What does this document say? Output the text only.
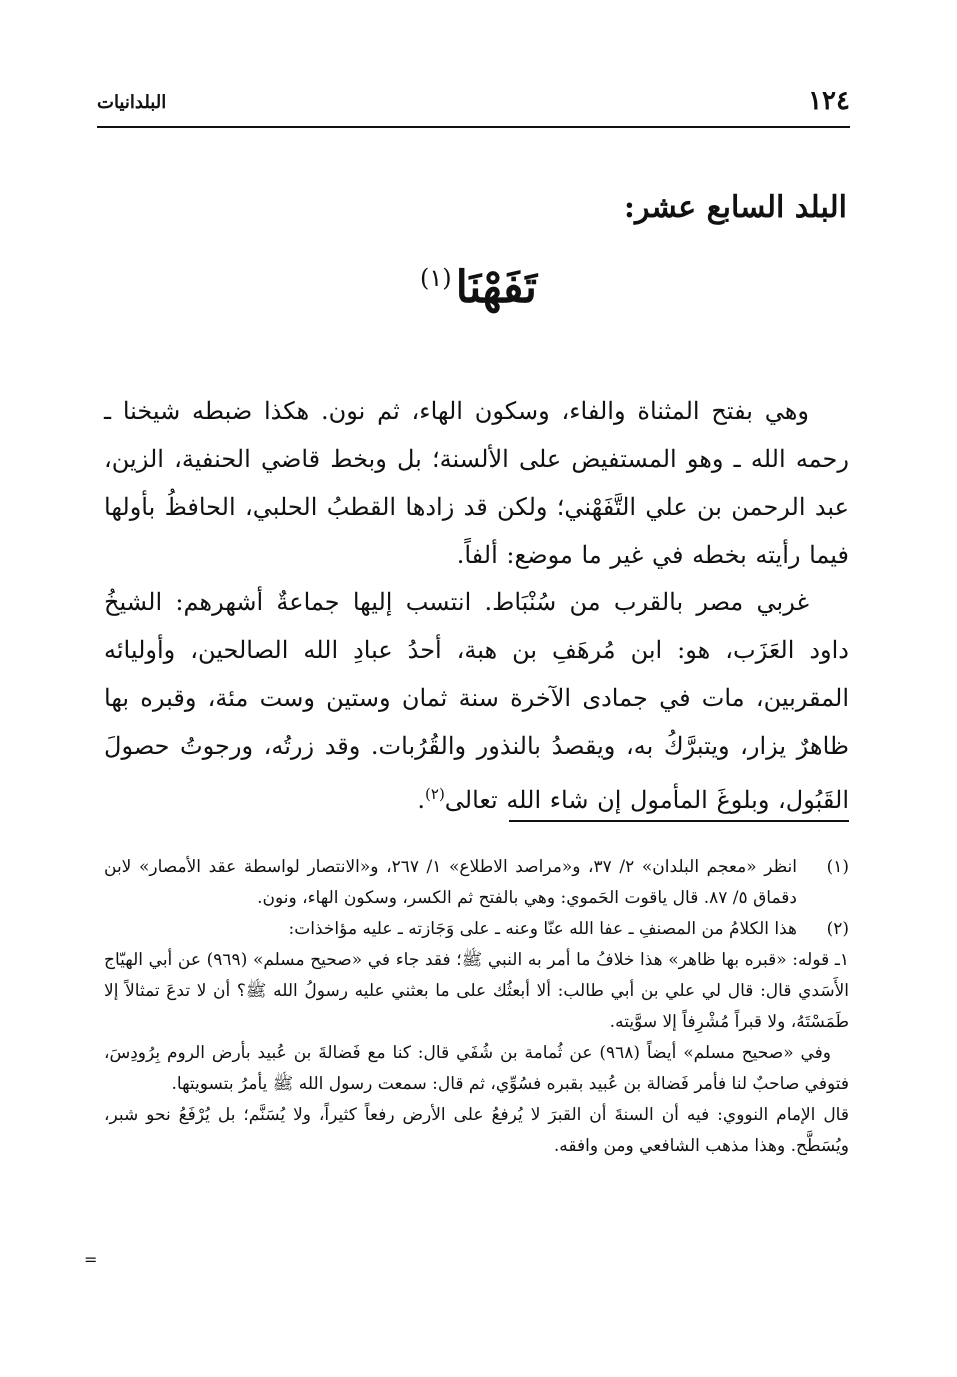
١٢٤
البلدانيات
البلد السابع عشر:
تَفَهْنَا$^{(١)}$

وهي بفتح المثناة والفاء، وسكون الهاء، ثم نون. هكذا ضبطه شيخنا ـ رحمه الله ـ وهو المستفيض على الألسنة؛ بل وبخط قاضي الحنفية، الزين، عبد الرحمن بن علي التَّفَهْني؛ ولكن قد زادها القطبُ الحلبي، الحافظُ بأولها فيما رأيته بخطه في غير ما موضع: ألفاً.

غربي مصر بالقرب من سُنْبَاط. انتسب إليها جماعةٌ أشهرهم: الشيخُ داود العَزَب، هو: ابن مُرهَفِ بن هبة، أحدُ عبادِ الله الصالحين، وأوليائه المقربين، مات في جمادى الآخرة سنة ثمان وستين وست مئة، وقبره بها ظاهرٌ يزار، ويتبرَّكُ به، ويقصدُ بالنذور والقُرُبات. وقد زرتُه، ورجوتُ حصولَ القَبُول، وبلوغَ المأمول إن شاء الله تعالى$^{(٢)}$.

(١)

انظر «معجم البلدان» ٢/ ٣٧، و«مراصد الاطلاع» ١/ ٢٦٧، و«الانتصار لواسطة عقد الأمصار» لابن دقماق ٥/ ٨٧. قال ياقوت الحَموي: وهي بالفتح ثم الكسر، وسكون الهاء، ونون.

(٢)

هذا الكلامُ من المصنفِ ـ عفا الله عنّا وعنه ـ على وَجَازته ـ عليه مؤاخذات:

١ـ قوله: «قبره بها ظاهر» هذا خلافُ ما أمر به النبي ﷺ؛ فقد جاء في «صحيح مسلم» (٩٦٩) عن أبي الهيّاج الأَسَدي قال: قال لي علي بن أبي طالب: ألا أبعثُك على ما بعثني عليه رسولُ الله ﷺ؟ أن لا تدعَ تمثالاً إلا طَمَسْتَهُ، ولا قبراً مُشْرِفاً إلا سوَّيته.

وفي «صحيح مسلم» أيضاً (٩٦٨) عن ثُمامة بن شُفَي قال: كنا مع فَضالةَ بن عُبيد بأرض الروم بِرُودِسَ، فتوفي صاحبٌ لنا فأمر فَضالة بن عُبيد بقبره فسُوِّي، ثم قال: سمعت رسول الله ﷺ يأمرُ بتسويتها.

قال الإمام النووي: فيه أن السنةَ أن القبرَ لا يُرفعُ على الأرض رفعاً كثيراً، ولا يُسَنَّم؛ بل يُرْفَعُ نحو شبر، ويُسَطَّح. وهذا مذهب الشافعي ومن وافقه.

=
